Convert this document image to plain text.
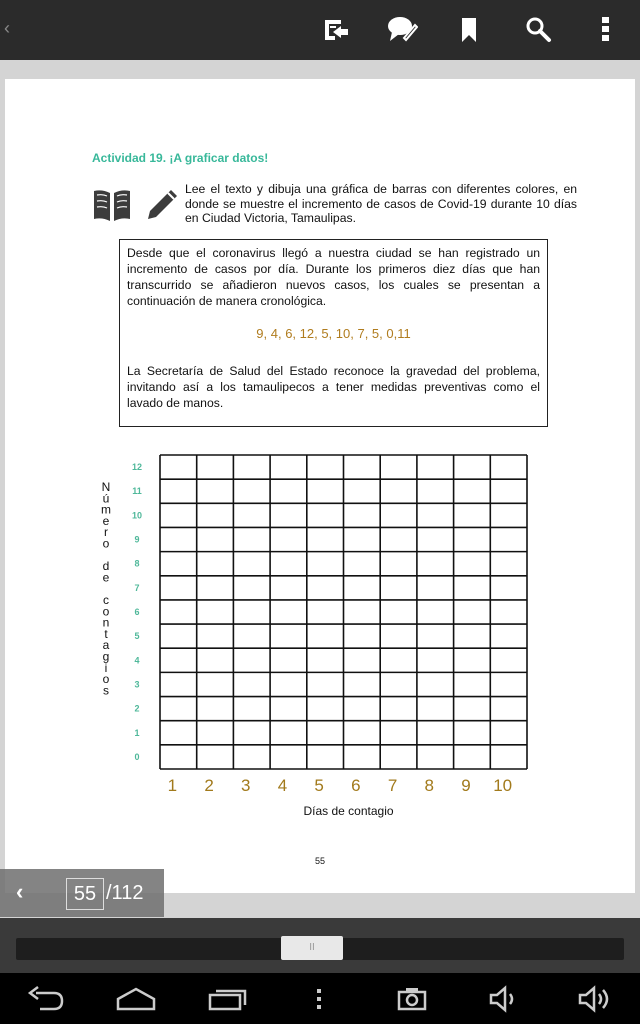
‹
Actividad 19. ¡A graficar datos!
Lee el texto y dibuja una gráfica de barras con diferentes colores, en donde se muestre el incremento de casos de Covid-19 durante 10 días en Ciudad Victoria, Tamaulipas.

Desde que el coronavirus llegó a nuestra ciudad se han registrado un incremento de casos por día. Durante los primeros diez días que han transcurrido se añadieron nuevos casos, los cuales se presentan a continuación de manera cronológica.

9, 4, 6, 12, 5, 10, 7, 5, 0,11

La Secretaría de Salud del Estado reconoce la gravedad del problema, invitando así a los tamaulipecos a tener medidas preventivas como el lavado de manos.

0
1
2
3
4
5
6
7
8
9
10
11
12
1 2 3 4 5 6 7 8 9 10
Días de contagio
N ú m e r o d e c o n t a g i o s
55
‹	55 /112
II
